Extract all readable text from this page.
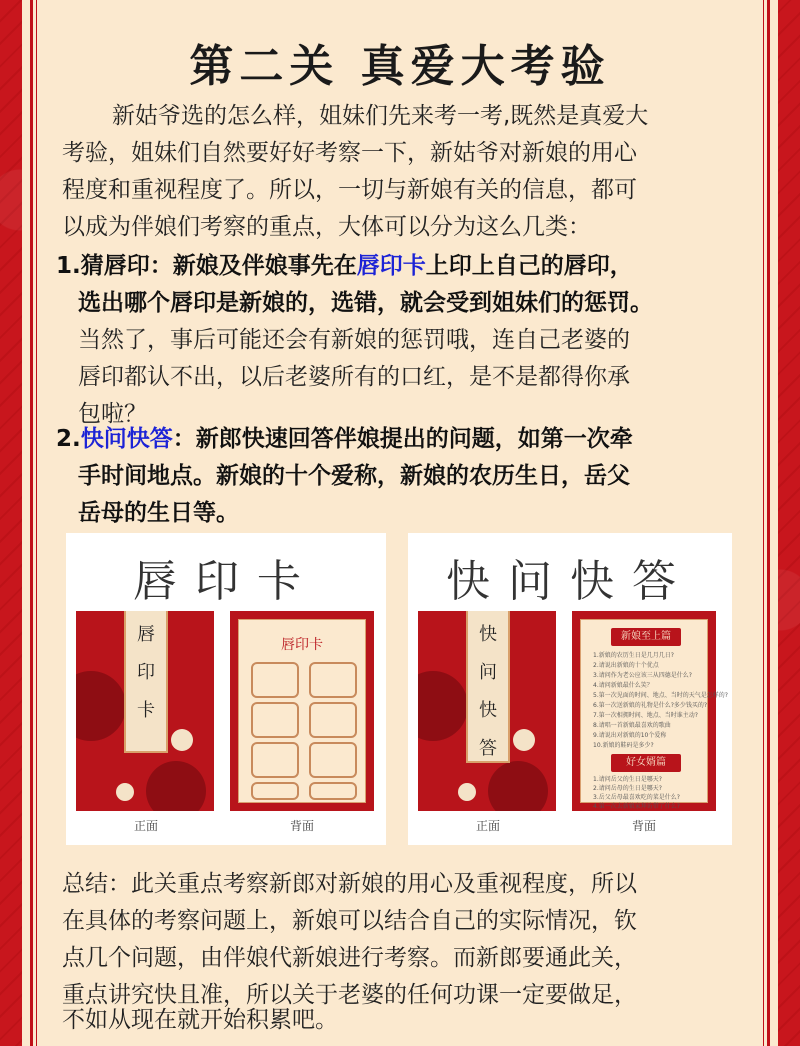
第二关 真爱大考验
新姑爷选的怎么样，姐妹们先来考一考,既然是真爱大
考验，姐妹们自然要好好考察一下，新姑爷对新娘的用心
程度和重视程度了。所以，一切与新娘有关的信息，都可
以成为伴娘们考察的重点，大体可以分为这么几类：
1.猜唇印：新娘及伴娘事先在唇印卡上印上自己的唇印，
选出哪个唇印是新娘的，选错，就会受到姐妹们的惩罚。
当然了，事后可能还会有新娘的惩罚哦，连自己老婆的
唇印都认不出，以后老婆所有的口红，是不是都得你承
包啦？
2.快问快答：新郎快速回答伴娘提出的问题，如第一次牵
手时间地点。新娘的十个爱称，新娘的农历生日，岳父
岳母的生日等。
唇印卡
唇
印
卡
唇印卡
正面	背面
快问快答
快
问
快
答
新娘至上篇
1.新娘的农历生日是几月几日?
2.请说出新娘的十个优点
3.请问作为老公应该三从四德是什么?
4.请问新娘最什么笑？
5.第一次见面的时间、地点、当时的天气是怎样的?
6.第一次送新娘的礼物是什么?多少钱买的?
7.第一次相拥时间、地点、当时谁主动?
8.请唱一首新娘最喜欢的歌曲
9.请说出对新娘的10个爱称
10.新娘的鞋码是多少?
好女婿篇
1.请问岳父的生日是哪天?
2.请问岳母的生日是哪天?
3.岳父岳母最喜欢吃的菜是什么?
4.第一次去新娘家拜访带了什么?
正面	背面
总结：此关重点考察新郎对新娘的用心及重视程度，所以
在具体的考察问题上，新娘可以结合自己的实际情况，钦
点几个问题，由伴娘代新娘进行考察。而新郎要通此关，
重点讲究快且准，所以关于老婆的任何功课一定要做足，
不如从现在就开始积累吧。
